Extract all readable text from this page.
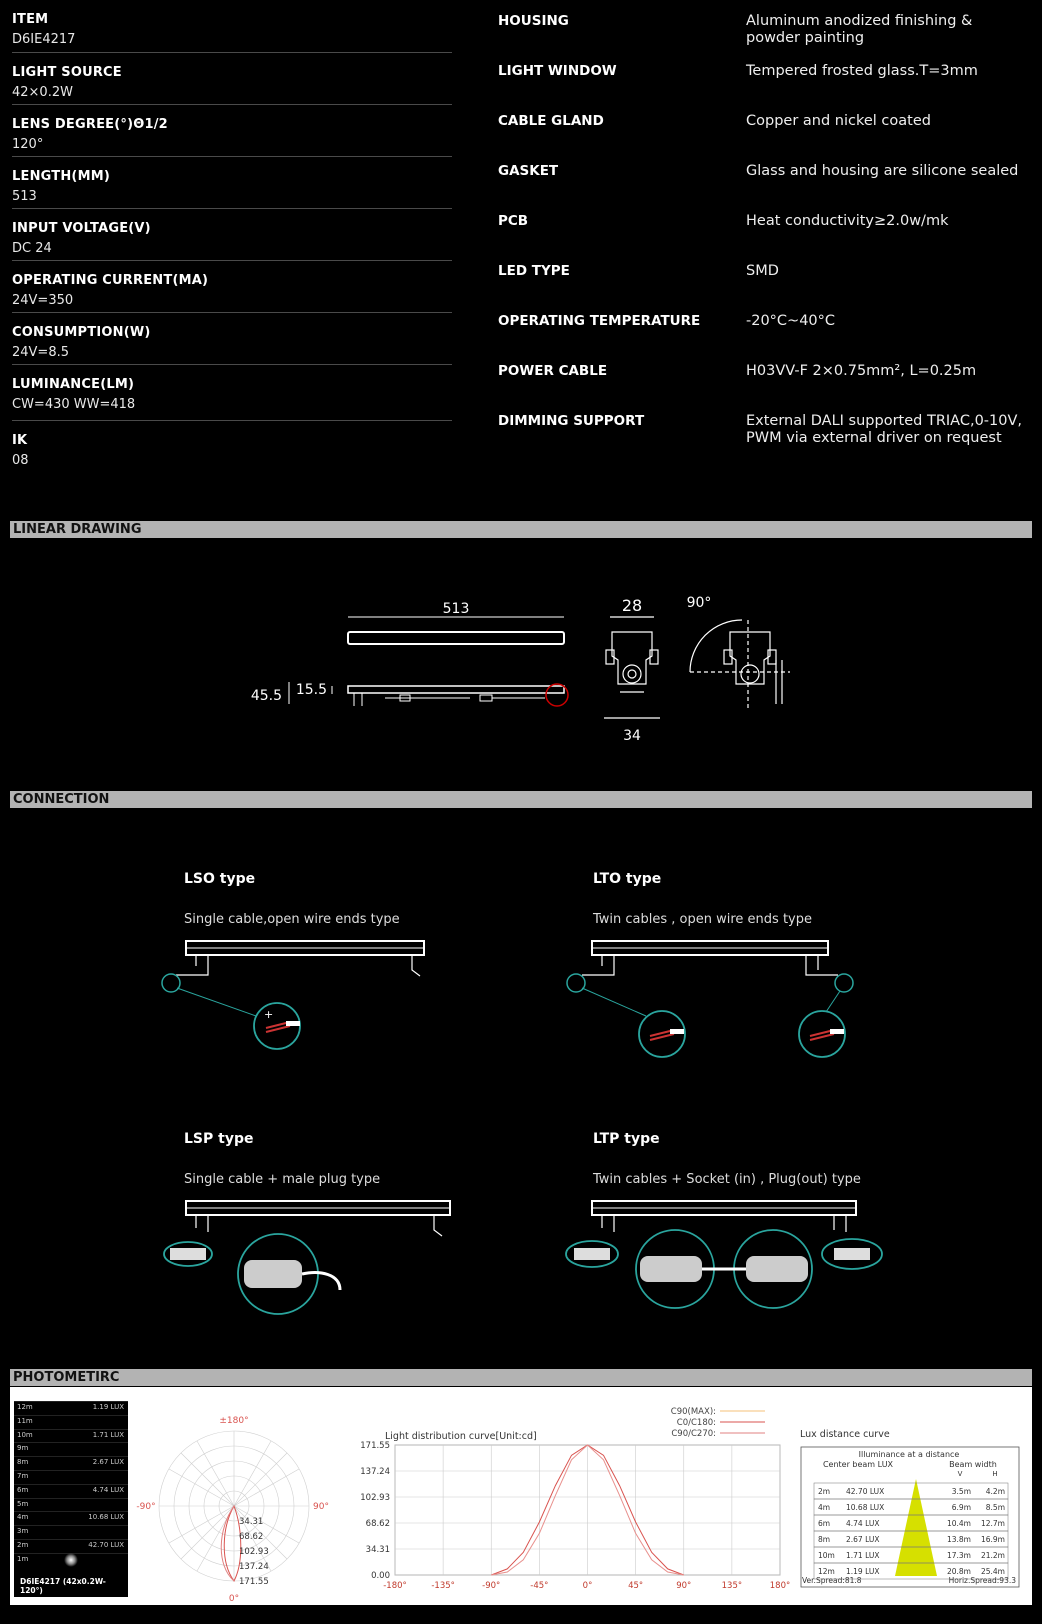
ITEM
D6IE4217
LIGHT SOURCE
42×0.2W
LENS DEGREE(°)Θ1/2
120°
LENGTH(MM)
513
INPUT VOLTAGE(V)
DC 24
OPERATING CURRENT(MA)
24V=350
CONSUMPTION(W)
24V=8.5
LUMINANCE(LM)
CW=430 WW=418
IK
08
HOUSING	Aluminum anodized finishing & powder painting
LIGHT WINDOW	Tempered frosted glass.T=3mm
CABLE GLAND	Copper and nickel coated
GASKET	Glass and housing are silicone sealed
PCB	Heat conductivity≥2.0w/mk
LED TYPE	SMD
OPERATING TEMPERATURE	-20°C~40°C
POWER CABLE	H03VV-F 2×0.75mm², L=0.25m
DIMMING SUPPORT	External DALI supported TRIAC,0-10V, PWM via external driver on request
LINEAR DRAWING
513
45.5 15.5
28
34
90°
CONNECTION
LSO type
Single cable,open wire ends type
LTO type
Twin cables , open wire ends type
LSP type
Single cable + male plug type
LTP type
Twin cables + Socket (in) , Plug(out) type
+
PHOTOMETIRC
D6IE4217 (42x0.2W-120°)
12m	1.19 LUX
11m
10m	1.71 LUX
9m
8m	2.67 LUX
7m
6m	4.74 LUX
5m
4m	10.68 LUX
3m
2m	42.70 LUX
1m
±180°
-90°	90°
0°
34.31
68.62
102.93
137.24
171.55
Light distribution curve[Unit:cd]
C90(MAX):
C0/C180:
C90/C270:
171.55
137.24
102.93
68.62
34.31
0.00
-180°	-135°	-90°	-45°	0°	45°	90°	135°	180°
Lux distance curve
Illuminance at a distance
Center beam LUX	Beam width
V	H
2m 42.70 LUX	3.5m 4.2m
4m 10.68 LUX	6.9m 8.5m
6m 4.74 LUX	10.4m 12.7m
8m 2.67 LUX	13.8m 16.9m
10m 1.71 LUX	17.3m 21.2m
12m 1.19 LUX	20.8m 25.4m
Ver.Spread:81.8	Horiz.Spread:93.3
